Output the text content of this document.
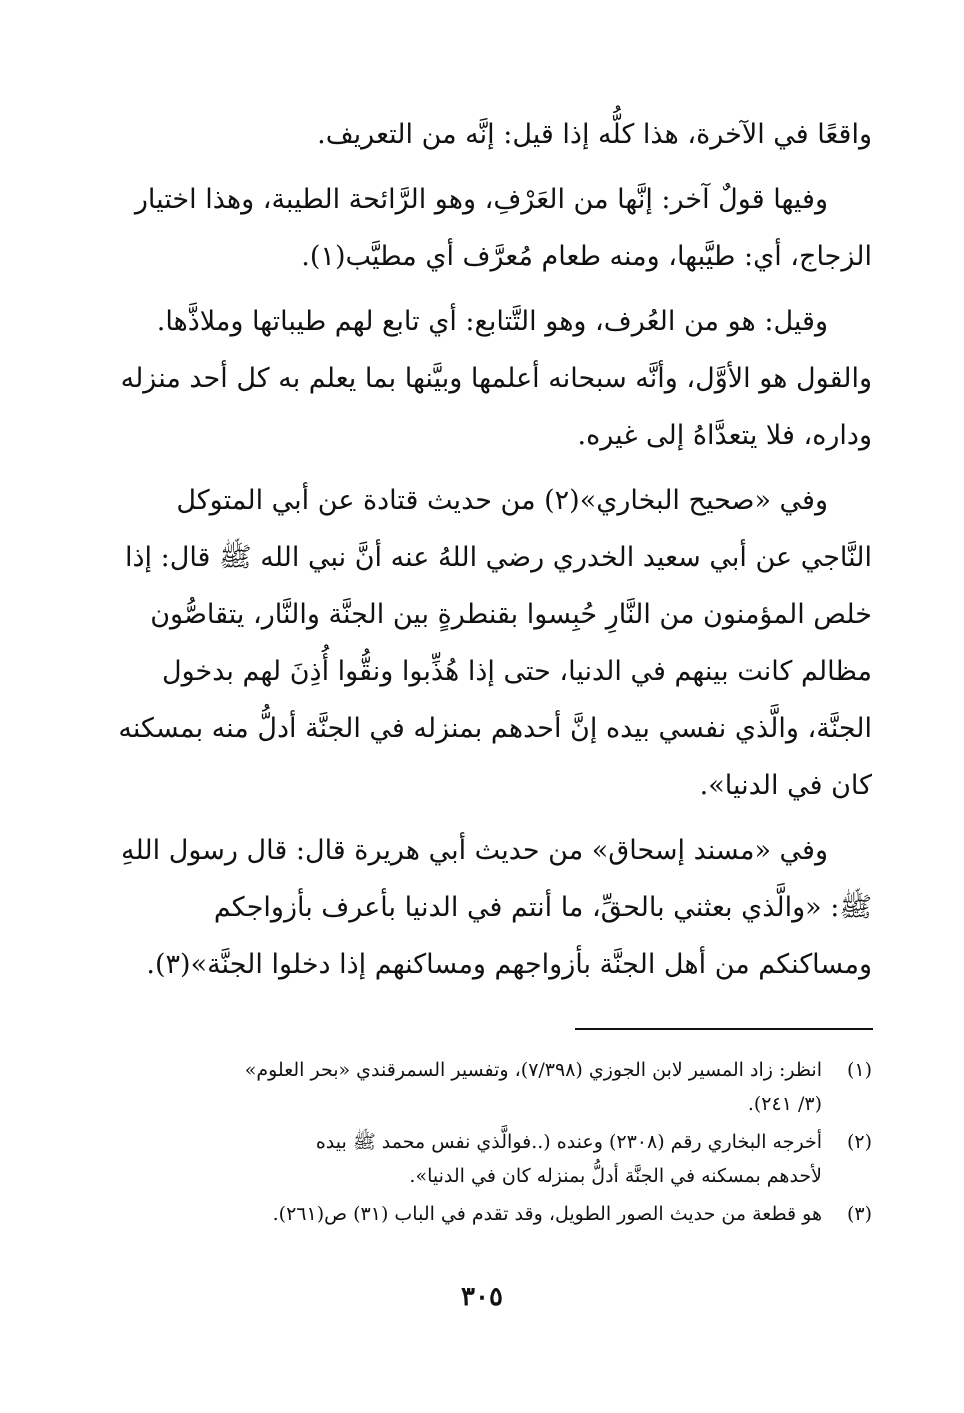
واقعًا في الآخرة، هذا كلُّه إذا قيل: إنَّه من التعريف.

وفيها قولٌ آخر: إنَّها من العَرْفِ، وهو الرَّائحة الطيبة، وهذا اختيار
الزجاج، أي: طيَّبها، ومنه طعام مُعرَّف أي مطيَّب(١).

وقيل: هو من العُرف، وهو التَّتابع: أي تابع لهم طيباتها وملاذَّها.
والقول هو الأوَّل، وأنَّه سبحانه أعلمها وبيَّنها بما يعلم به كل أحد منزله
وداره، فلا يتعدَّاهُ إلى غيره.

وفي «صحيح البخاري»(٢) من حديث قتادة عن أبي المتوكل
النَّاجي عن أبي سعيد الخدري رضي اللهُ عنه أنَّ نبي الله ﷺ قال: إذا
خلص المؤمنون من النَّارِ حُبِسوا بقنطرةٍ بين الجنَّة والنَّار، يتقاصُّون
مظالم كانت بينهم في الدنيا، حتى إذا هُذِّبوا ونقُّوا أُذِنَ لهم بدخول
الجنَّة، والَّذي نفسي بيده إنَّ أحدهم بمنزله في الجنَّة أدلُّ منه بمسكنه
كان في الدنيا».

وفي «مسند إسحاق» من حديث أبي هريرة قال: قال رسول اللهِ
ﷺ: «والَّذي بعثني بالحقِّ، ما أنتم في الدنيا بأعرف بأزواجكم
ومساكنكم من أهل الجنَّة بأزواجهم ومساكنهم إذا دخلوا الجنَّة»(٣).

(١)
انظر: زاد المسير لابن الجوزي (٧/٣٩٨)، وتفسير السمرقندي «بحر العلوم»
(٣/ ٢٤١).
(٢)
أخرجه البخاري رقم (٢٣٠٨) وعنده (..فوالَّذي نفس محمد ﷺ بيده
لأحدهم بمسكنه في الجنَّة أدلُّ بمنزله كان في الدنيا».
(٣)
هو قطعة من حديث الصور الطويل، وقد تقدم في الباب (٣١) ص(٢٦١).
٣٠٥
